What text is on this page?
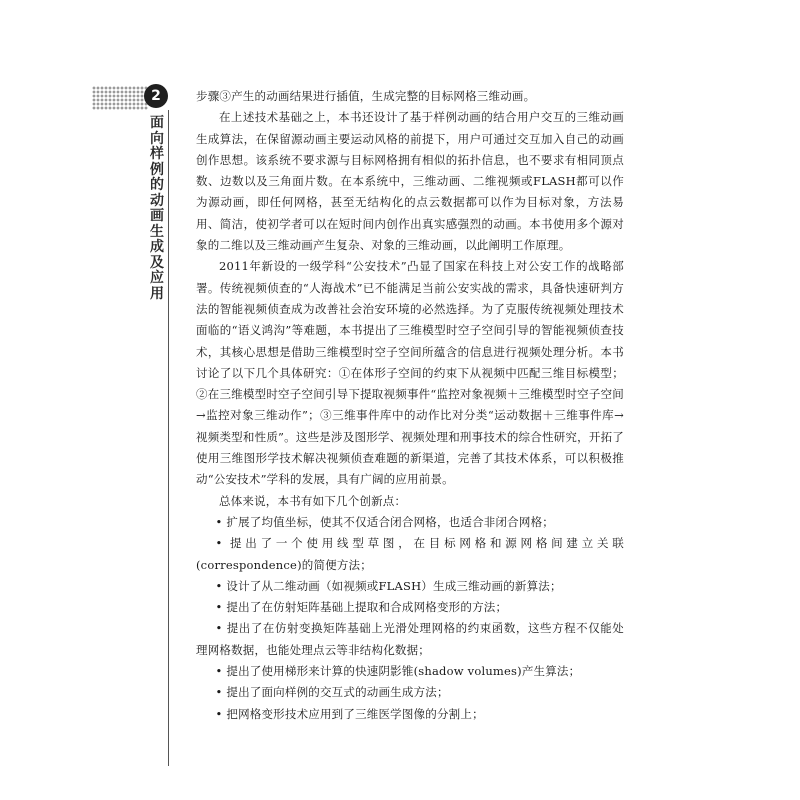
2
面向样例的动画生成及应用

步骤③产生的动画结果进行插值，生成完整的目标网格三维动画。

在上述技术基础之上，本书还设计了基于样例动画的结合用户交互的三维动画生成算法，在保留源动画主要运动风格的前提下，用户可通过交互加入自己的动画创作思想。该系统不要求源与目标网格拥有相似的拓扑信息，也不要求有相同顶点数、边数以及三角面片数。在本系统中，三维动画、二维视频或FLASH都可以作为源动画，即任何网格，甚至无结构化的点云数据都可以作为目标对象，方法易用、简洁，使初学者可以在短时间内创作出真实感强烈的动画。本书使用多个源对象的二维以及三维动画产生复杂、对象的三维动画，以此阐明工作原理。

2011年新设的一级学科“公安技术”凸显了国家在科技上对公安工作的战略部署。传统视频侦查的“人海战术”已不能满足当前公安实战的需求，具备快速研判方法的智能视频侦查成为改善社会治安环境的必然选择。为了克服传统视频处理技术面临的“语义鸿沟”等难题，本书提出了三维模型时空子空间引导的智能视频侦查技术，其核心思想是借助三维模型时空子空间所蕴含的信息进行视频处理分析。本书讨论了以下几个具体研究：①在体形子空间的约束下从视频中匹配三维目标模型；②在三维模型时空子空间引导下提取视频事件“监控对象视频＋三维模型时空子空间→监控对象三维动作”；③三维事件库中的动作比对分类“运动数据＋三维事件库→视频类型和性质”。这些是涉及图形学、视频处理和刑事技术的综合性研究，开拓了使用三维图形学技术解决视频侦查难题的新渠道，完善了其技术体系，可以积极推动“公安技术”学科的发展，具有广阔的应用前景。

总体来说，本书有如下几个创新点：

• 扩展了均值坐标，使其不仅适合闭合网格，也适合非闭合网格；

• 提出了一个使用线型草图，在目标网格和源网格间建立关联(correspondence)的简便方法；

• 设计了从二维动画（如视频或FLASH）生成三维动画的新算法；

• 提出了在仿射矩阵基础上提取和合成网格变形的方法；

• 提出了在仿射变换矩阵基础上光滑处理网格的约束函数，这些方程不仅能处理网格数据，也能处理点云等非结构化数据；

• 提出了使用梯形来计算的快速阴影锥(shadow volumes)产生算法；

• 提出了面向样例的交互式的动画生成方法；

• 把网格变形技术应用到了三维医学图像的分割上；
